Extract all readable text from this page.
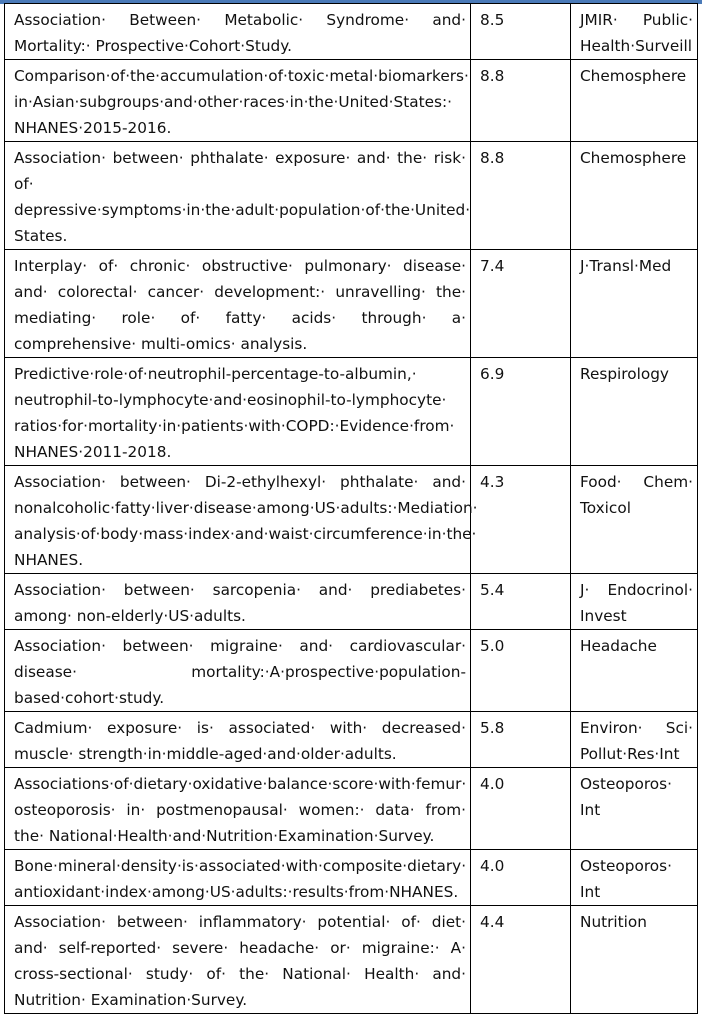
Association· Between· Metabolic· Syndrome· and· Mortality:· Prospective·Cohort·Study.	8.5	JMIR· Public· Health·Surveill
Comparison·of·the·accumulation·of·toxic·metal·biomarkers· in·Asian·subgroups·and·other·races·in·the·United·States:· NHANES·2015-2016.	8.8	Chemosphere
Association· between· phthalate· exposure· and· the· risk· of· depressive·symptoms·in·the·adult·population·of·the·United· States.	8.8	Chemosphere
Interplay· of· chronic· obstructive· pulmonary· disease· and· colorectal· cancer· development:· unravelling· the· mediating· role· of· fatty· acids· through· a· comprehensive· multi-omics· analysis.	7.4	J·Transl·Med
Predictive·role·of·neutrophil-percentage-to-albumin,· neutrophil-to-lymphocyte·and·eosinophil-to-lymphocyte· ratios·for·mortality·in·patients·with·COPD:·Evidence·from· NHANES·2011-2018.	6.9	Respirology
Association· between· Di-2-ethylhexyl· phthalate· and· nonalcoholic·fatty·liver·disease·among·US·adults:·Mediation· analysis·of·body·mass·index·and·waist·circumference·in·the· NHANES.	4.3	Food· Chem· Toxicol
Association· between· sarcopenia· and· prediabetes· among· non-elderly·US·adults.	5.4	J· Endocrinol· Invest
Association· between· migraine· and· cardiovascular· disease· mortality:·A·prospective·population-based·cohort·study.	5.0	Headache
Cadmium· exposure· is· associated· with· decreased· muscle· strength·in·middle-aged·and·older·adults.	5.8	Environ· Sci· Pollut·Res·Int
Associations·of·dietary·oxidative·balance·score·with·femur· osteoporosis· in· postmenopausal· women:· data· from· the· National·Health·and·Nutrition·Examination·Survey.	4.0	Osteoporos· Int
Bone·mineral·density·is·associated·with·composite·dietary· antioxidant·index·among·US·adults:·results·from·NHANES.	4.0	Osteoporos· Int
Association· between· inflammatory· potential· of· diet· and· self-reported· severe· headache· or· migraine:· A· cross-sectional· study· of· the· National· Health· and· Nutrition· Examination·Survey.	4.4	Nutrition
